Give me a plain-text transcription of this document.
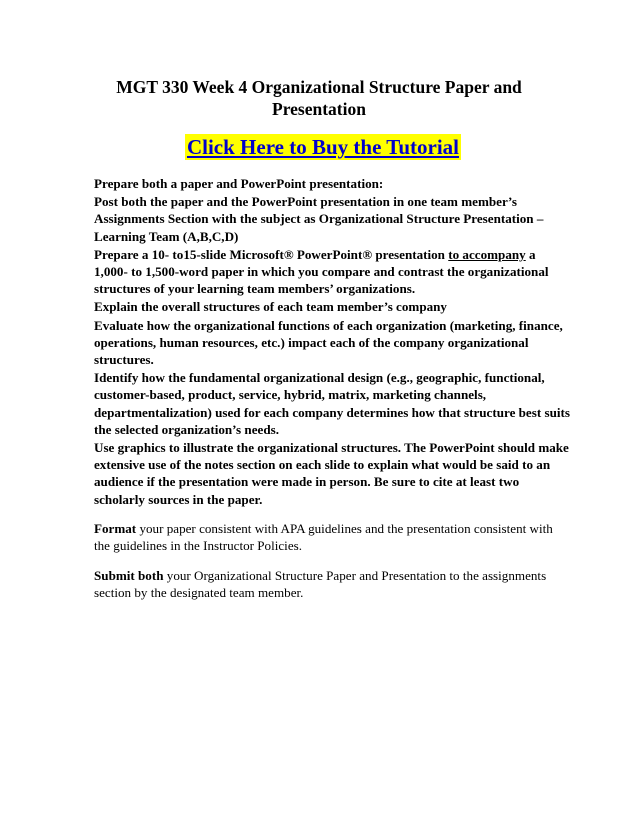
MGT 330 Week 4 Organizational Structure Paper and Presentation
Click Here to Buy the Tutorial
Prepare both a paper and PowerPoint presentation:
Post both the paper and the PowerPoint presentation in one team member’s Assignments Section with the subject as Organizational Structure Presentation – Learning Team (A,B,C,D)
Prepare a 10- to15-slide Microsoft® PowerPoint® presentation to accompany a 1,000- to 1,500-word paper in which you compare and contrast the organizational structures of your learning team members’ organizations.
Explain the overall structures of each team member’s company
Evaluate how the organizational functions of each organization (marketing, finance, operations, human resources, etc.) impact each of the company organizational structures.
Identify how the fundamental organizational design (e.g., geographic, functional, customer-based, product, service, hybrid, matrix, marketing channels, departmentalization) used for each company determines how that structure best suits the selected organization’s needs.
Use graphics to illustrate the organizational structures. The PowerPoint should make extensive use of the notes section on each slide to explain what would be said to an audience if the presentation were made in person. Be sure to cite at least two scholarly sources in the paper.
Format your paper consistent with APA guidelines and the presentation consistent with the guidelines in the Instructor Policies.
Submit both your Organizational Structure Paper and Presentation to the assignments section by the designated team member.
